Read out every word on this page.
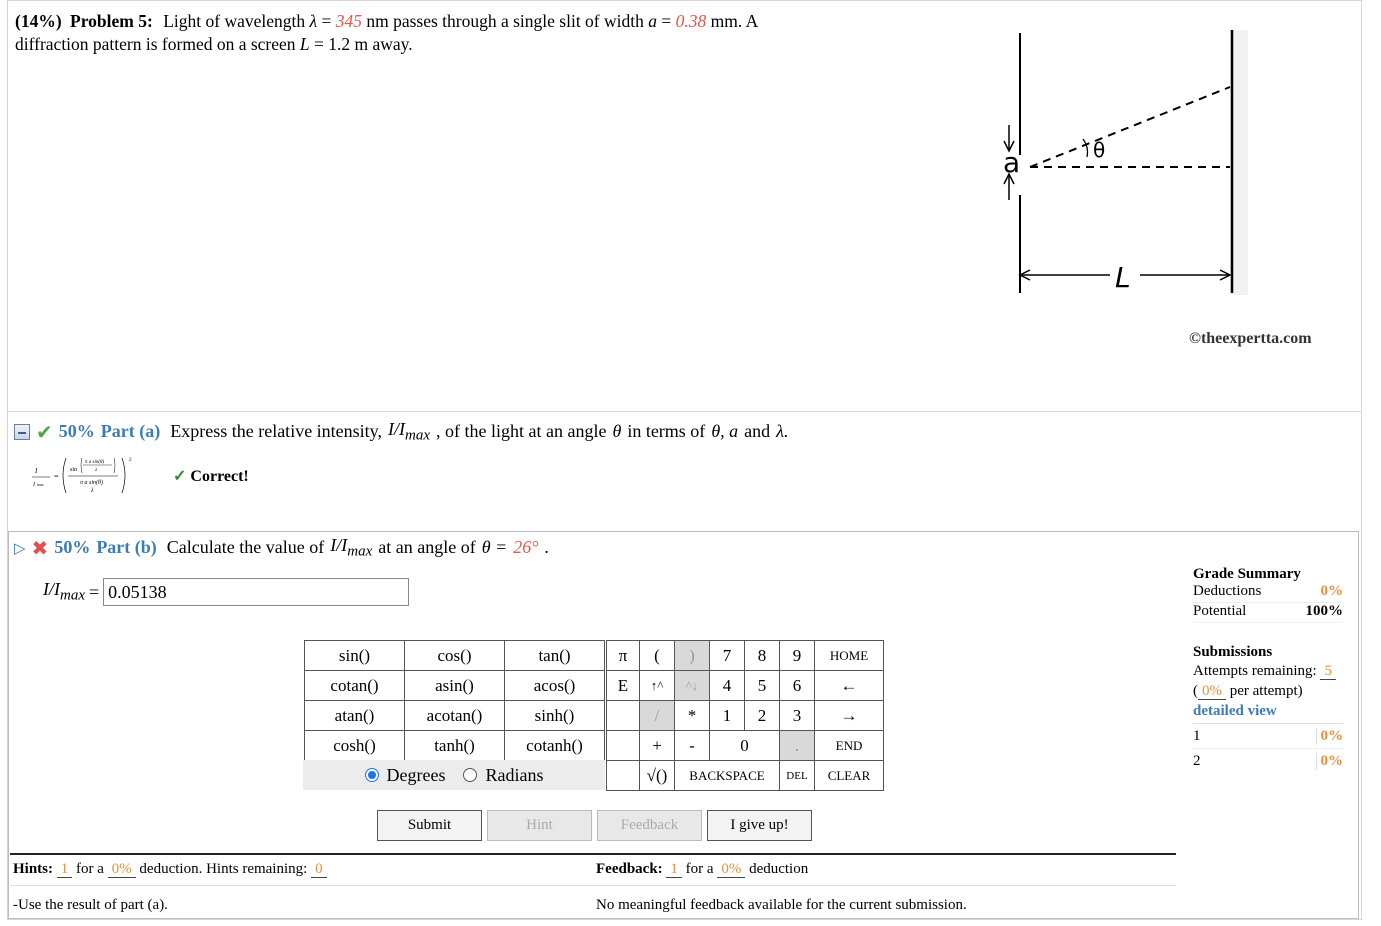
(14%) Problem 5: Light of wavelength λ = 345 nm passes through a single slit of width a = 0.38 mm. A
diffraction pattern is formed on a screen L = 1.2 m away.
a	θ
L
©theexpertta.com
✔ 50% Part (a) Express the relative intensity, $I/I_{max}$ , of the light at an angle θ in terms of θ, a and λ.
I
I max
=
sin
π a sin(θ)
λ
π a sin(θ)
λ
2
✓ Correct!
▷ ✖ 50% Part (b) Calculate the value of $I/I_{max}$ at an angle of θ = 26° .
$I/I_{max}$ =
0.05138
sin()	cos()	tan()
cotan()	asin()	acos()
atan()	acotan()	sinh()
cosh()	tanh()	cotanh()
Degrees Radians
π	(	)	7	8	9	HOME
E	↑^	^↓	4	5	6	←
	/	*	1	2	3	→
	+	-	0		.	END
	√()	BACKSPACE			DEL	CLEAR
Submit	Hint	Feedback	I give up!
Hints: 1 for a 0% deduction. Hints remaining: 0
-Use the result of part (a).
Feedback: 1 for a 0% deduction
No meaningful feedback available for the current submission.
Grade Summary
Deductions	0%
Potential	100%
Submissions
Attempts remaining: 5
( 0% per attempt)
detailed view
1	0%
2	0%
